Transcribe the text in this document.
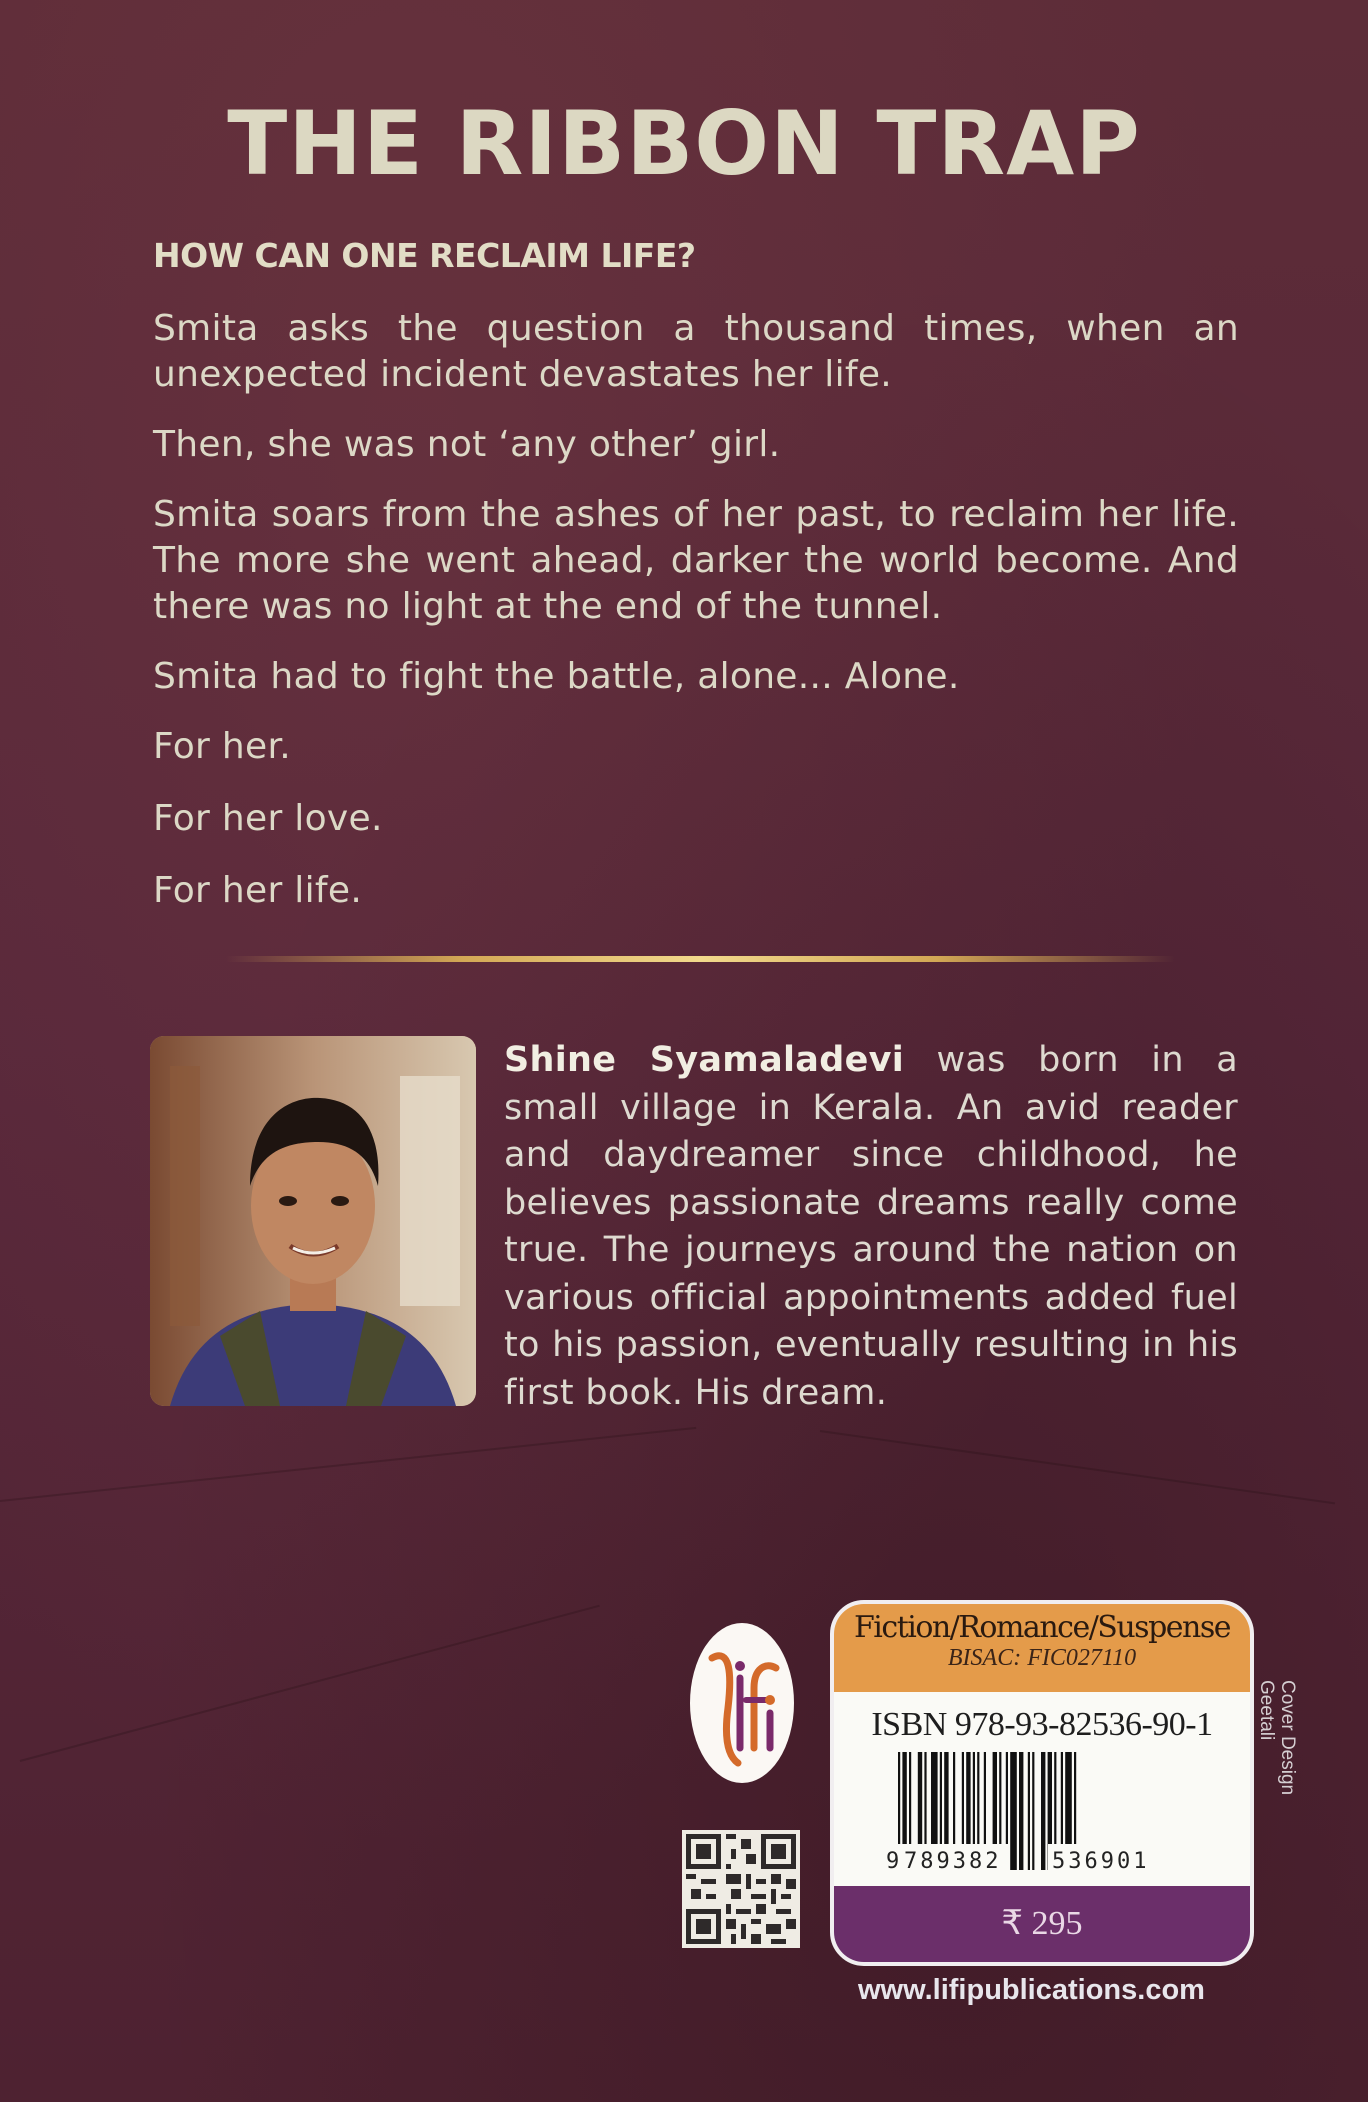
THE RIBBON TRAP
HOW CAN ONE RECLAIM LIFE?

Smita asks the question a thousand times, when an unexpected incident devastates her life.

Then, she was not ‘any other’ girl.

Smita soars from the ashes of her past, to reclaim her life. The more she went ahead, darker the world become. And there was no light at the end of the tunnel.

Smita had to fight the battle, alone... Alone.

For her.

For her love.

For her life.

Shine Syamaladevi was born in a small village in Kerala. An avid reader and daydreamer since childhood, he believes passionate dreams really come true. The journeys around the nation on various official appointments added fuel to his passion, eventually resulting in his first book. His dream.
Fiction/Romance/Suspense
BISAC: FIC027110
ISBN 978-93-82536-90-1
9 789382 536901
₹ 295
Cover Design
Geetali
www.lifipublications.com
